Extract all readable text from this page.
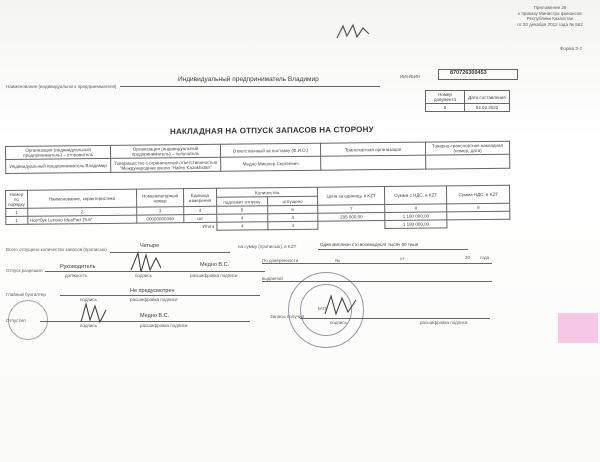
Приложение 26
к приказу Министра финансов
Республики Казахстан
от 20 декабря 2012 года № 562
Форма З-2
Наименование (индивидуального предпринимателя)
Индивидуальный предприниматель Владимир	ИИН/БИН
870726300453
Номер документа	Дата составления
5	04.02.2022
НАКЛАДНАЯ НА ОТПУСК ЗАПАСОВ НА СТОРОНУ
Организация (индивидуальный предприниматель) – отправитель	Организация (индивидуальный предприниматель) – получатель	Ответственный за поставку (Ф.И.О.)	Транспортная организация	Товарно-транспортная накладная (номер, дата)
Индивидуальный предприниматель Владимир	Товарищество с ограниченной ответственностью "Международная школа "Hailey Kazakhstan"	Медно Мишлер Сергеевич		
Номер по порядку	Наименование, характеристика	Номенклатурный номер	Единица измерения	Количество		Цена за единицу, в KZT	Сумма с НДС, в KZT	Сумма НДС, в KZT
				подлежит отпуску	отпущено			
1	2	3	4	5	6	7	8	9
1	Ноутбук Lenovo IdeaPad 15.6"	00000000340	шт	4	4	295 000,00	1 180 000,00	
Итого				4	4		1 180 000,00	
Всего отпущено количество запасов (прописью)
Четыре	на сумму (прописью), в KZT	Один миллион сто восемьдесят тысяч 00 тиын
Отпуск разрешил
Руководитель	Медно В.С.
должность	подпись	расшифровка подписи
Главный бухгалтер
Не предусмотрен
подпись	расшифровка подписи
Отпустил
Медно В.С.
подпись	расшифровка подписи
По доверенности	№	от	20 года
выданной
Запасы получил
подпись	расшифровка подписи
М.П.
